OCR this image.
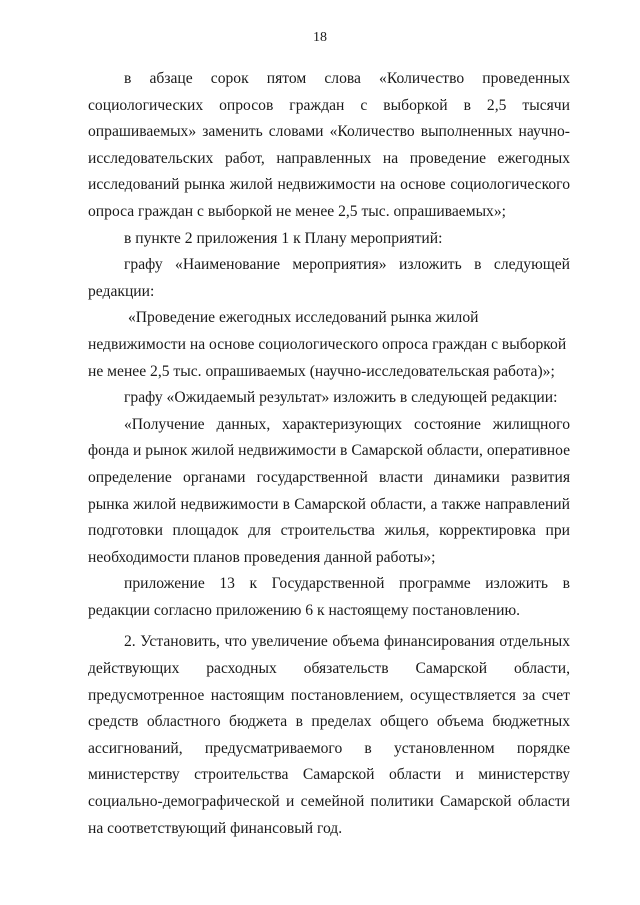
18

в абзаце сорок пятом слова «Количество проведенных социологических опросов граждан с выборкой в 2,5 тысячи опрашиваемых» заменить словами «Количество выполненных научно-исследовательских работ, направленных на проведение ежегодных исследований рынка жилой недвижимости на основе социологического опроса граждан с выборкой не менее 2,5 тыс. опрашиваемых»;

в пункте 2 приложения 1 к Плану мероприятий:

графу «Наименование мероприятия» изложить в следующей редакции:

«Проведение ежегодных исследований рынка жилой недвижимости на основе социологического опроса граждан с выборкой не менее 2,5 тыс. опрашиваемых (научно-исследовательская работа)»;

графу «Ожидаемый результат» изложить в следующей редакции:

«Получение данных, характеризующих состояние жилищного фонда и рынок жилой недвижимости в Самарской области, оперативное определение органами государственной власти динамики развития рынка жилой недвижимости в Самарской области, а также направлений подготовки площадок для строительства жилья, корректировка при необходимости планов проведения данной работы»;

приложение 13 к Государственной программе изложить в редакции согласно приложению 6 к настоящему постановлению.

2. Установить, что увеличение объема финансирования отдельных действующих расходных обязательств Самарской области, предусмотренное настоящим постановлением, осуществляется за счет средств областного бюджета в пределах общего объема бюджетных ассигнований, предусматриваемого в установленном порядке министерству строительства Самарской области и министерству социально-демографической и семейной политики Самарской области на соответствующий финансовый год.
